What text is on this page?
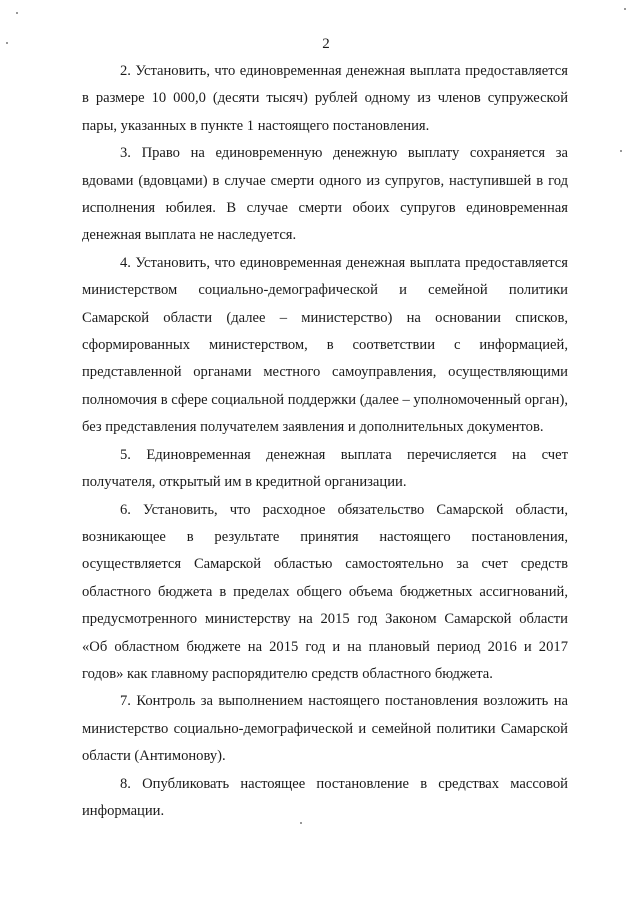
2

2. Установить, что единовременная денежная выплата предоставляется в размере 10 000,0 (десяти тысяч) рублей одному из членов супружеской пары, указанных в пункте 1 настоящего постановления.

3. Право на единовременную денежную выплату сохраняется за вдовами (вдовцами) в случае смерти одного из супругов, наступившей в год исполнения юбилея. В случае смерти обоих супругов единовременная денежная выплата не наследуется.

4. Установить, что единовременная денежная выплата предоставляется министерством социально-демографической и семейной политики Самарской области (далее – министерство) на основании списков, сформированных министерством, в соответствии с информацией, представленной органами местного самоуправления, осуществляющими полномочия в сфере социальной поддержки (далее – уполномоченный орган), без представления получателем заявления и дополнительных документов.

5. Единовременная денежная выплата перечисляется на счет получателя, открытый им в кредитной организации.

6. Установить, что расходное обязательство Самарской области, возникающее в результате принятия настоящего постановления, осуществляется Самарской областью самостоятельно за счет средств областного бюджета в пределах общего объема бюджетных ассигнований, предусмотренного министерству на 2015 год Законом Самарской области «Об областном бюджете на 2015 год и на плановый период 2016 и 2017 годов» как главному распорядителю средств областного бюджета.

7. Контроль за выполнением настоящего постановления возложить на министерство социально-демографической и семейной политики Самарской области (Антимонову).

8. Опубликовать настоящее постановление в средствах массовой информации.
